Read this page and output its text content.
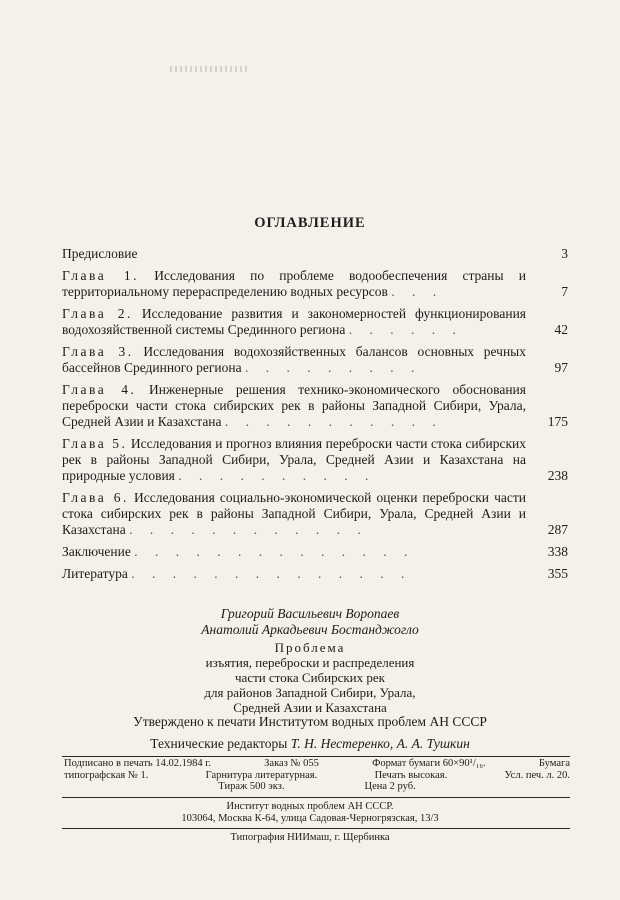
ОГЛАВЛЕНИЕ
Предисловие	3
Глава 1. Исследования по проблеме водообеспечения страны и территориальному перераспределению водных ресурсов . . .	7
Глава 2. Исследование развития и закономерностей функционирования водохозяйственной системы Срединного региона . . . . . .	42
Глава 3. Исследования водохозяйственных балансов основных речных бассейнов Срединного региона . . . . . . . . .	97
Глава 4. Инженерные решения технико-экономического обоснования переброски части стока сибирских рек в районы Западной Сибири, Урала, Средней Азии и Казахстана . . . . . . . . . . .	175
Глава 5. Исследования и прогноз влияния переброски части стока сибирских рек в районы Западной Сибири, Урала, Средней Азии и Казахстана на природные условия . . . . . . . . . .	238
Глава 6. Исследования социально-экономической оценки переброски части стока сибирских рек в районы Западной Сибири, Урала, Средней Азии и Казахстана . . . . . . . . . . . .	287
Заключение . . . . . . . . . . . . . .	338
Литература . . . . . . . . . . . . . .	355
Григорий Васильевич Воропаев
Анатолий Аркадьевич Бостанджогло
Проблема
изъятия, переброски и распределения
части стока Сибирских рек
для районов Западной Сибири, Урала,
Средней Азии и Казахстана
Утверждено к печати Институтом водных проблем АН СССР
Технические редакторы Т. Н. Нестеренко, А. А. Тушкин
Подписано в печать 14.02.1984 г.	Заказ № 055	Формат бумаги 60×90¹/₁₆.	Бумага
типографская № 1.	Гарнитура литературная.	Печать высокая.	Усл. печ. л. 20.
Тираж 500 экз.	Цена 2 руб.
Институт водных проблем АН СССР.
103064, Москва К-64, улица Садовая-Черногрязская, 13/3
Типография НИИмаш, г. Щербинка
